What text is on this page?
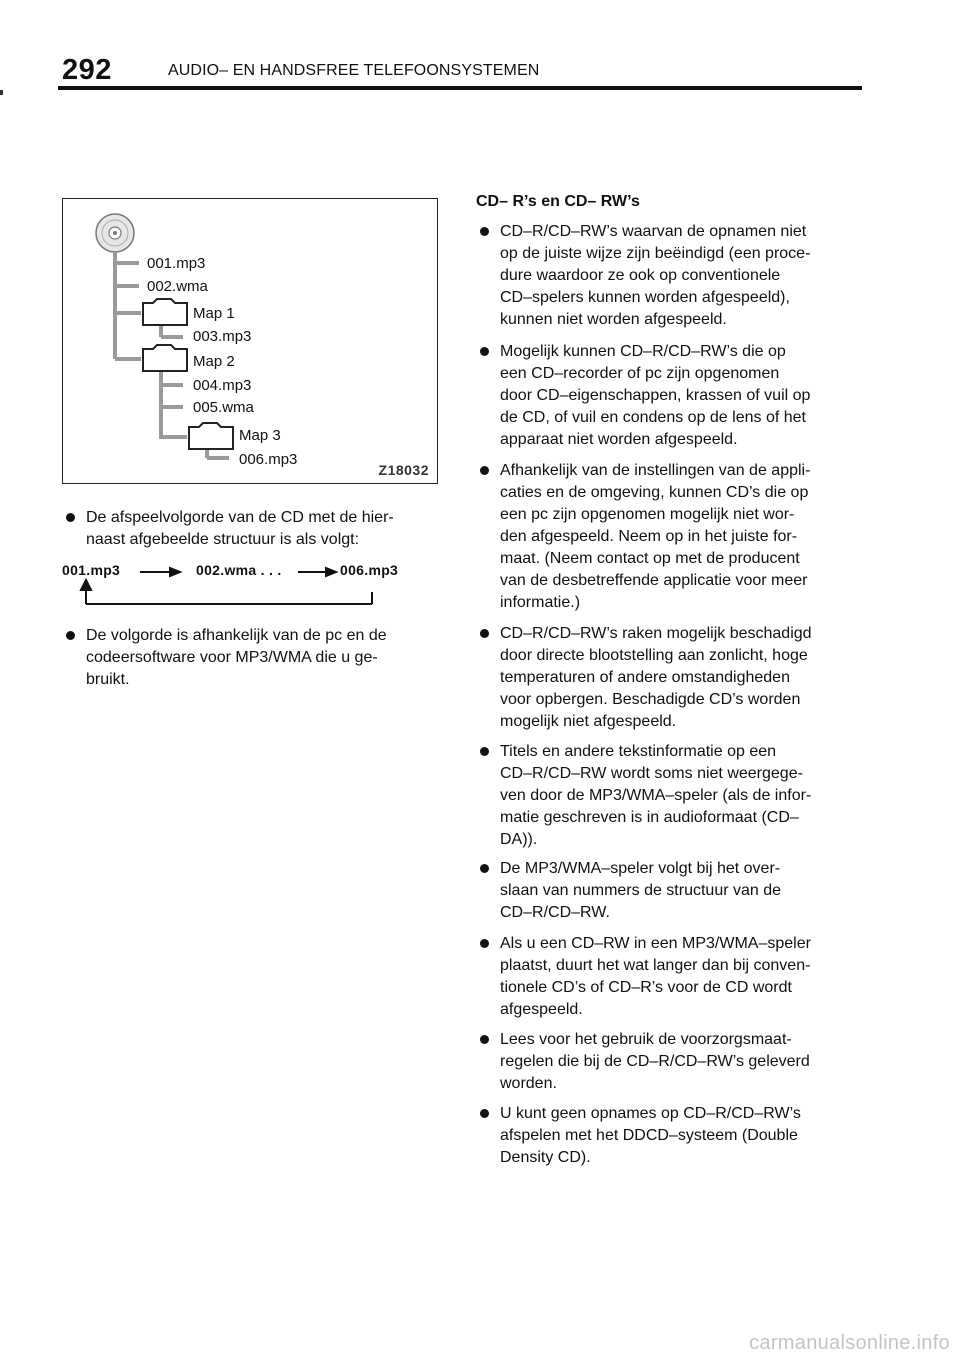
292	AUDIO– EN HANDSFREE TELEFOONSYSTEMEN
001.mp3
002.wma
Map 1
003.mp3
Map 2
004.mp3
005.wma
Map 3
006.mp3
Z18032
De afspeelvolgorde van de CD met de hier-
naast afgebeelde structuur is als volgt:
001.mp3	002.wma . . .	006.mp3
De volgorde is afhankelijk van de pc en de
codeersoftware voor MP3/WMA die u ge-
bruikt.
CD– R’s en CD– RW’s
CD–R/CD–RW’s waarvan de opnamen niet
op de juiste wijze zijn beëindigd (een proce-
dure waardoor ze ook op conventionele
CD–spelers kunnen worden afgespeeld),
kunnen niet worden afgespeeld.
Mogelijk kunnen CD–R/CD–RW’s die op
een CD–recorder of pc zijn opgenomen
door CD–eigenschappen, krassen of vuil op
de CD, of vuil en condens op de lens of het
apparaat niet worden afgespeeld.
Afhankelijk van de instellingen van de appli-
caties en de omgeving, kunnen CD’s die op
een pc zijn opgenomen mogelijk niet wor-
den afgespeeld. Neem op in het juiste for-
maat. (Neem contact op met de producent
van de desbetreffende applicatie voor meer
informatie.)
CD–R/CD–RW’s raken mogelijk beschadigd
door directe blootstelling aan zonlicht, hoge
temperaturen of andere omstandigheden
voor opbergen. Beschadigde CD’s worden
mogelijk niet afgespeeld.
Titels en andere tekstinformatie op een
CD–R/CD–RW wordt soms niet weergege-
ven door de MP3/WMA–speler (als de infor-
matie geschreven is in audioformaat (CD–
DA)).
De MP3/WMA–speler volgt bij het over-
slaan van nummers de structuur van de
CD–R/CD–RW.
Als u een CD–RW in een MP3/WMA–speler
plaatst, duurt het wat langer dan bij conven-
tionele CD’s of CD–R’s voor de CD wordt
afgespeeld.
Lees voor het gebruik de voorzorgsmaat-
regelen die bij de CD–R/CD–RW’s geleverd
worden.
U kunt geen opnames op CD–R/CD–RW’s
afspelen met het DDCD–systeem (Double
Density CD).
carmanualsonline.info
